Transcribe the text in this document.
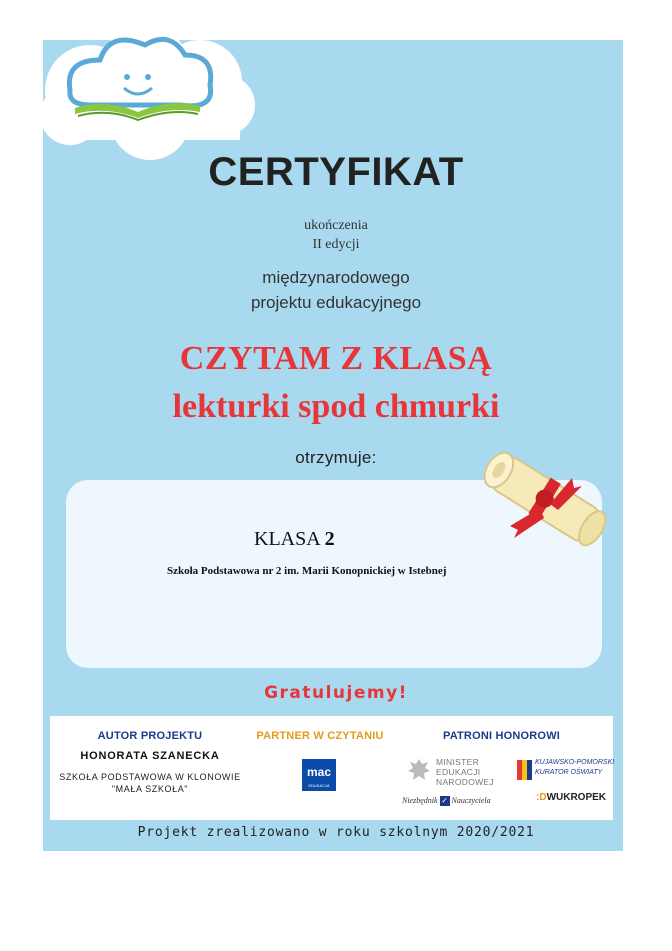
CERTYFIKAT
ukończenia
II edycji
międzynarodowego
projektu edukacyjnego
CZYTAM Z KLASĄ
lekturki spod chmurki
otrzymuje:
KLASA 2
Szkoła Podstawowa nr 2 im. Marii Konopnickiej w Istebnej
Gratulujemy!
AUTOR PROJEKTU
HONORATA SZANECKA
SZKOŁA PODSTAWOWA W KLONOWIE
"MAŁA SZKOŁA"
PARTNER W CZYTANIU
mac
EDUKACJA
PATRONI HONOROWI
MINISTER
EDUKACJI
NARODOWEJ
KUJAWSKO-POMORSKI
KURATOR OŚWIATY
Niezbędnik ✓ Nauczyciela	:DWUKROPEK
Projekt zrealizowano w roku szkolnym 2020/2021
